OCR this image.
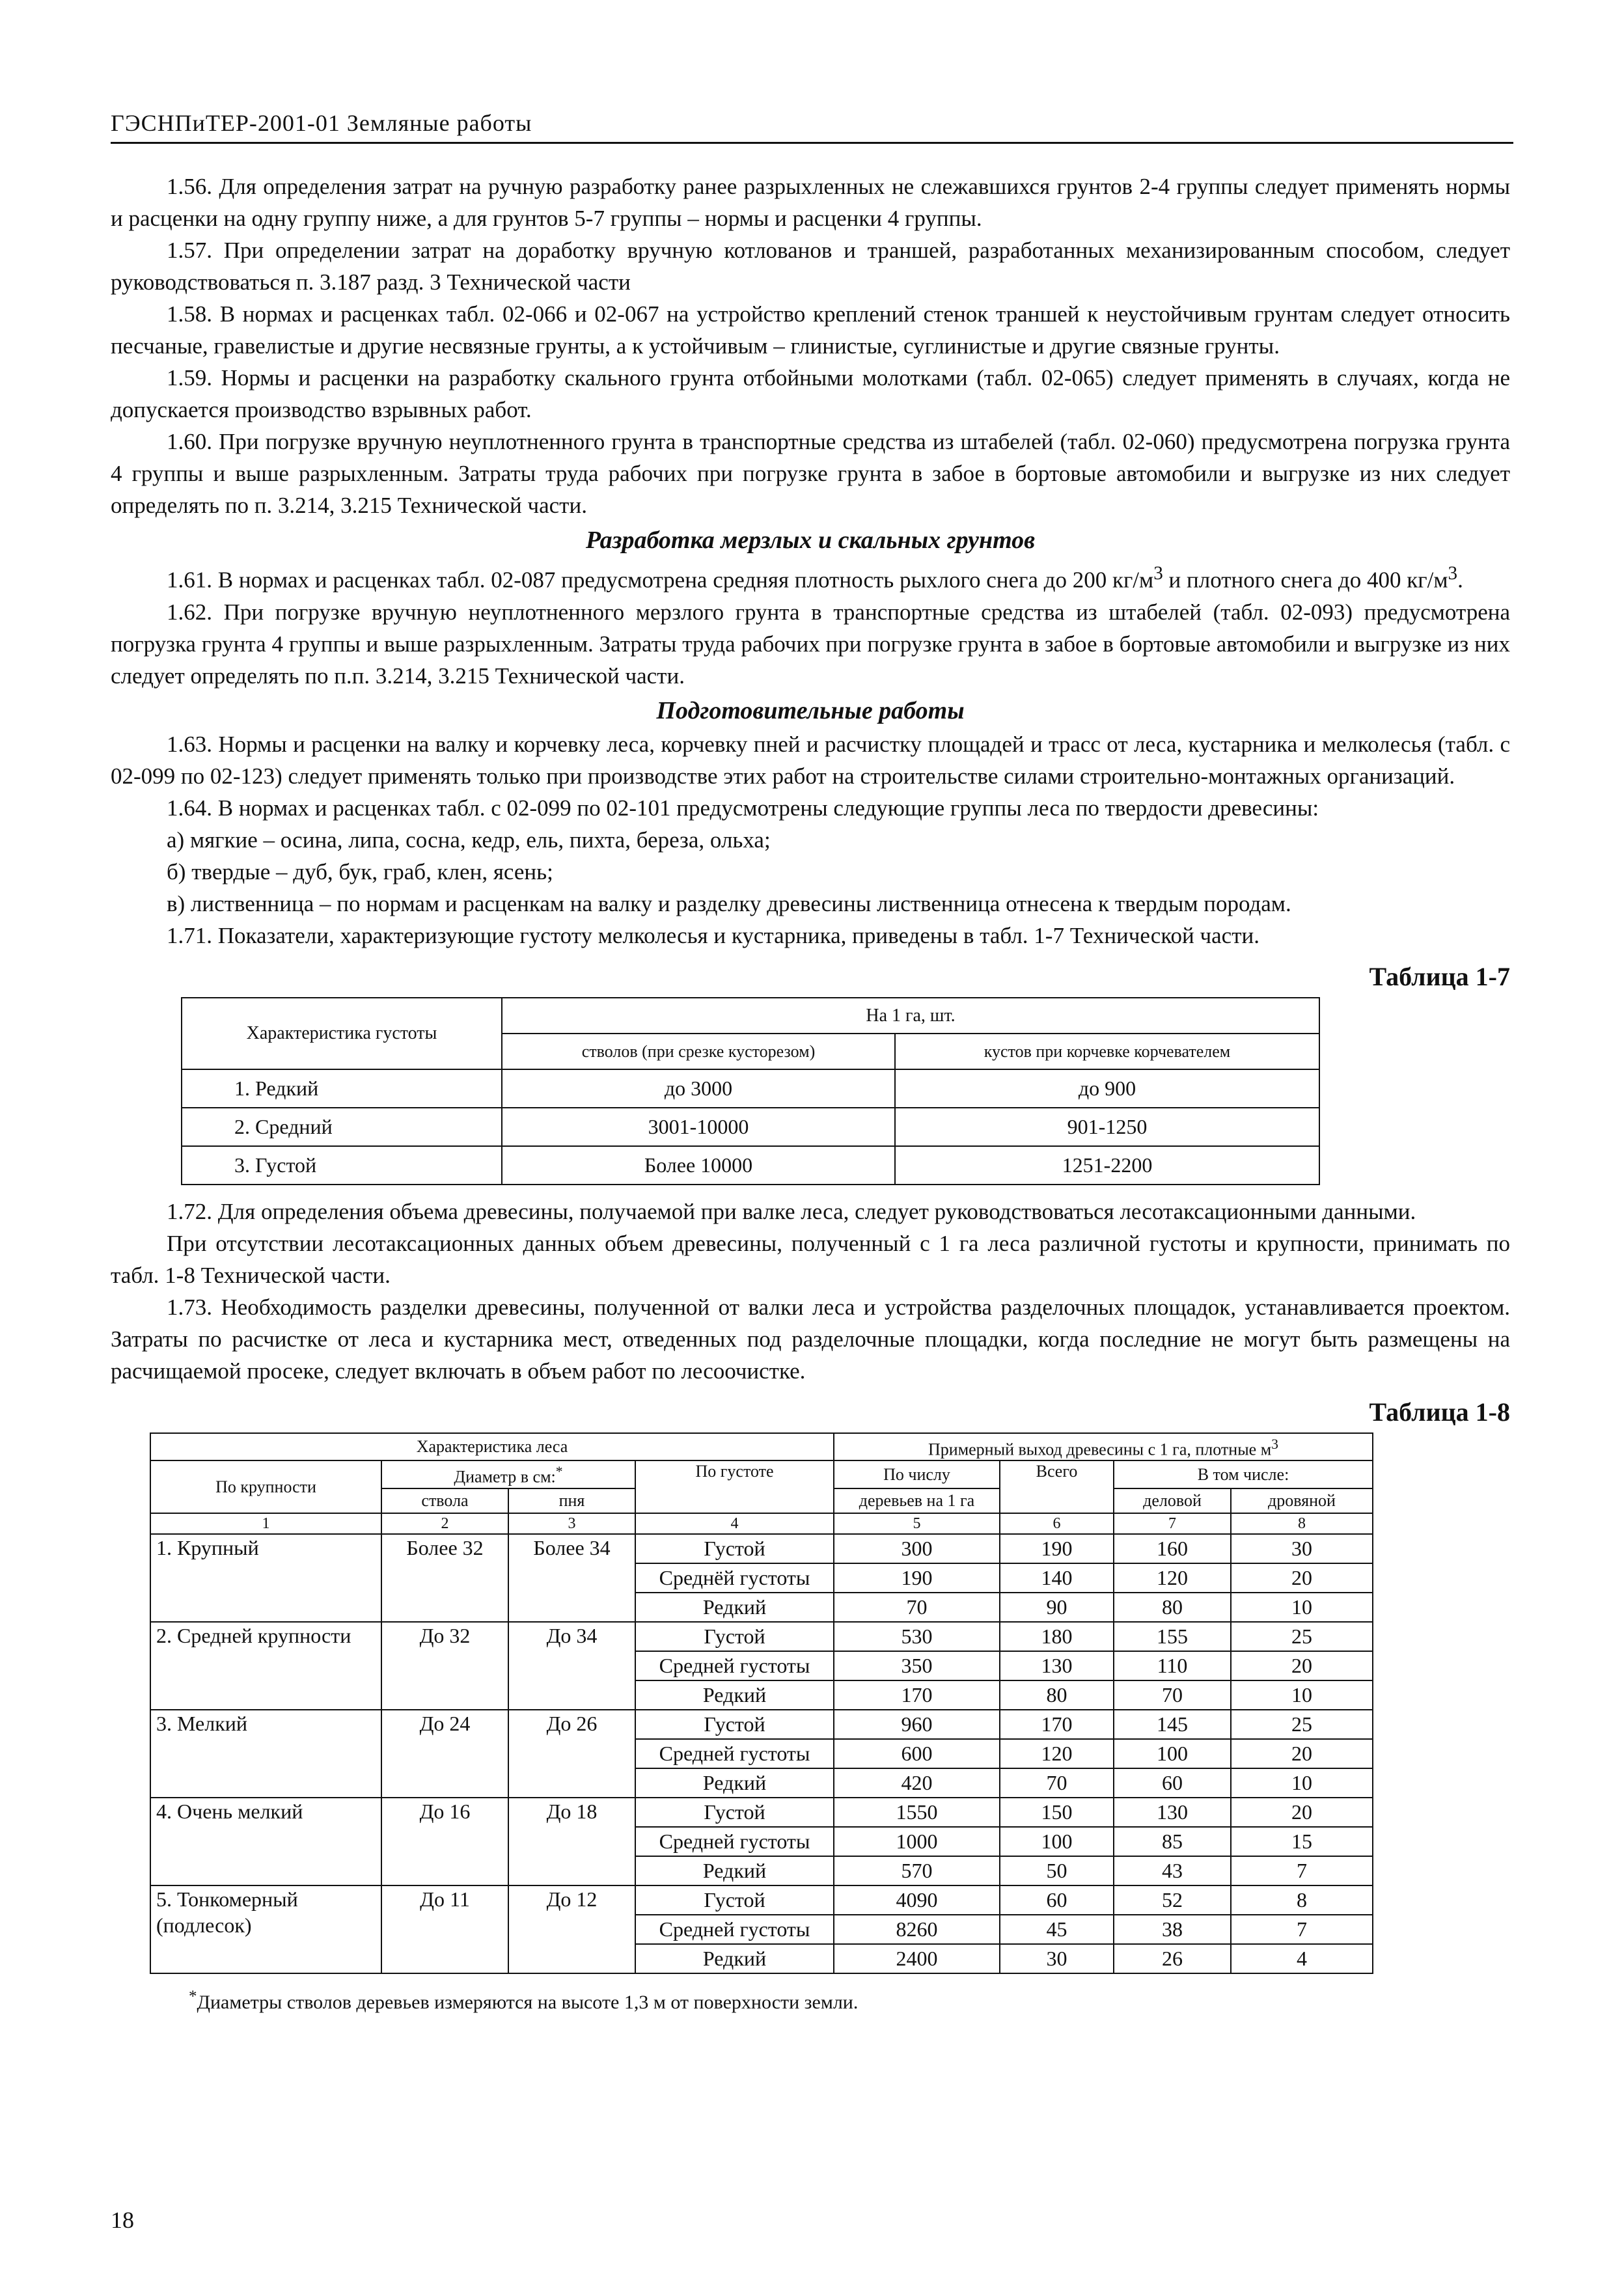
ГЭСНПиТЕР-2001-01 Земляные работы

1.56. Для определения затрат на ручную разработку ранее разрыхленных не слежавшихся грунтов 2-4 группы следует применять нормы и расценки на одну группу ниже, а для грунтов 5-7 группы – нормы и расценки 4 группы.

1.57. При определении затрат на доработку вручную котлованов и траншей, разработанных механизированным способом, следует руководствоваться п. 3.187 разд. 3 Технической части

1.58. В нормах и расценках табл. 02-066 и 02-067 на устройство креплений стенок траншей к неустойчивым грунтам следует относить песчаные, гравелистые и другие несвязные грунты, а к устойчивым – глинистые, суглинистые и другие связные грунты.

1.59. Нормы и расценки на разработку скального грунта отбойными молотками (табл. 02-065) следует применять в случаях, когда не допускается производство взрывных работ.

1.60. При погрузке вручную неуплотненного грунта в транспортные средства из штабелей (табл. 02-060) предусмотрена погрузка грунта 4 группы и выше разрыхленным. Затраты труда рабочих при погрузке грунта в забое в бортовые автомобили и выгрузке из них следует определять по п. 3.214, 3.215 Технической части.

Разработка мерзлых и скальных грунтов

1.61. В нормах и расценках табл. 02-087 предусмотрена средняя плотность рыхлого снега до 200 $кг/м^3$ и плотного снега до 400 $кг/м^3$.

1.62. При погрузке вручную неуплотненного мерзлого грунта в транспортные средства из штабелей (табл. 02-093) предусмотрена погрузка грунта 4 группы и выше разрыхленным. Затраты труда рабочих при погрузке грунта в забое в бортовые автомобили и выгрузке из них следует определять по п.п. 3.214, 3.215 Технической части.

Подготовительные работы

1.63. Нормы и расценки на валку и корчевку леса, корчевку пней и расчистку площадей и трасс от леса, кустарника и мелколесья (табл. с 02-099 по 02-123) следует применять только при производстве этих работ на строительстве силами строительно-монтажных организаций.

1.64. В нормах и расценках табл. с 02-099 по 02-101 предусмотрены следующие группы леса по твердости древесины:

а) мягкие – осина, липа, сосна, кедр, ель, пихта, береза, ольха;

б) твердые – дуб, бук, граб, клен, ясень;

в) лиственница – по нормам и расценкам на валку и разделку древесины лиственница отнесена к твердым породам.

1.71. Показатели, характеризующие густоту мелколесья и кустарника, приведены в табл. 1-7 Технической части.

Таблица 1-7
Характеристика густоты	На 1 га, шт.	
	стволов (при срезке кусторезом)	кустов при корчевке корчевателем
1. Редкий	до 3000	до 900
2. Средний	3001-10000	901-1250
3. Густой	Более 10000	1251-2200

1.72. Для определения объема древесины, получаемой при валке леса, следует руководствоваться лесотаксационными данными.

При отсутствии лесотаксационных данных объем древесины, полученный с 1 га леса различной густоты и крупности, принимать по табл. 1-8 Технической части.

1.73. Необходимость разделки древесины, полученной от валки леса и устройства разделочных площадок, устанавливается проектом. Затраты по расчистке от леса и кустарника мест, отведенных под разделочные площадки, когда последние не могут быть размещены на расчищаемой просеке, следует включать в объем работ по лесоочистке.

Таблица 1-8
Характеристика леса				Примерный выход древесины с 1 га, плотные $м^3$
По крупности	Диаметр в см:*		По густоте	По числу	Всего	В том числе:	
	ствола	пня		деревьев на 1 га		деловой	дровяной
1	2	3	4	5	6	7	8
1. Крупный	Более 32	Более 34	Густой	300	190	160	30
			Среднёй густоты	190	140	120	20
			Редкий	70	90	80	10
2. Средней крупности	До 32	До 34	Густой	530	180	155	25
			Средней густоты	350	130	110	20
			Редкий	170	80	70	10
3. Мелкий	До 24	До 26	Густой	960	170	145	25
			Средней густоты	600	120	100	20
			Редкий	420	70	60	10
4. Очень мелкий	До 16	До 18	Густой	1550	150	130	20
			Средней густоты	1000	100	85	15
			Редкий	570	50	43	7

5. Тонкомерный
(подлесок)	До 11	До 12	Густой	4090	60	52	8
			Средней густоты	8260	45	38	7
			Редкий	2400	30	26	4
*Диаметры стволов деревьев измеряются на высоте 1,3 м от поверхности земли.
18
